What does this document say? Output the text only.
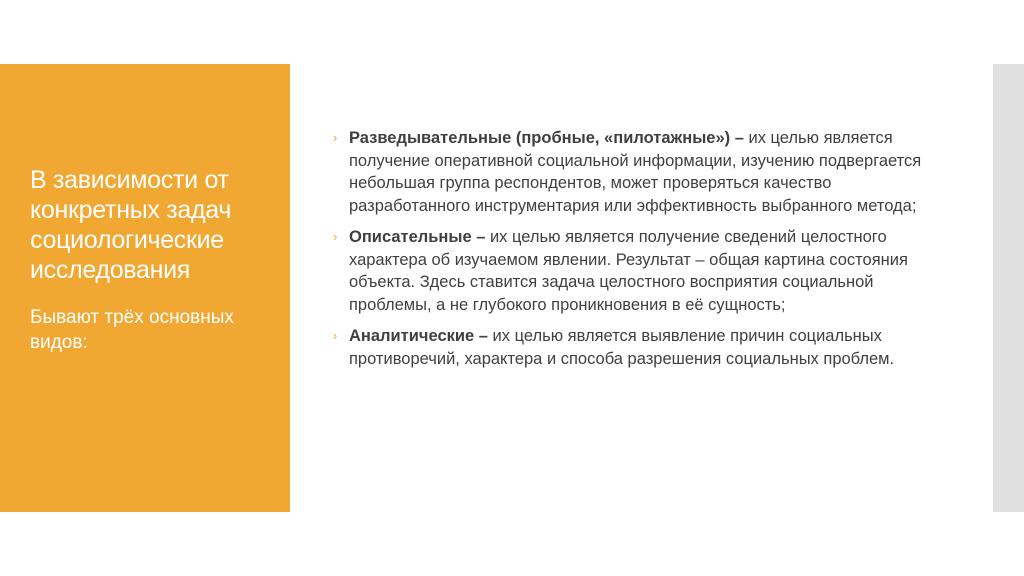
В зависимости от конкретных задач социологические исследования
Бывают трёх основных видов:
› Разведывательные (пробные, «пилотажные») – их целью является получение оперативной социальной информации, изучению подвергается небольшая группа респондентов, может проверяться качество разработанного инструментария или эффективность выбранного метода;
› Описательные – их целью является получение сведений целостного характера об изучаемом явлении. Результат – общая картина состояния объекта. Здесь ставится задача целостного восприятия социальной проблемы, а не глубокого проникновения в её сущность;
› Аналитические – их целью является выявление причин социальных противоречий, характера и способа разрешения социальных проблем.
